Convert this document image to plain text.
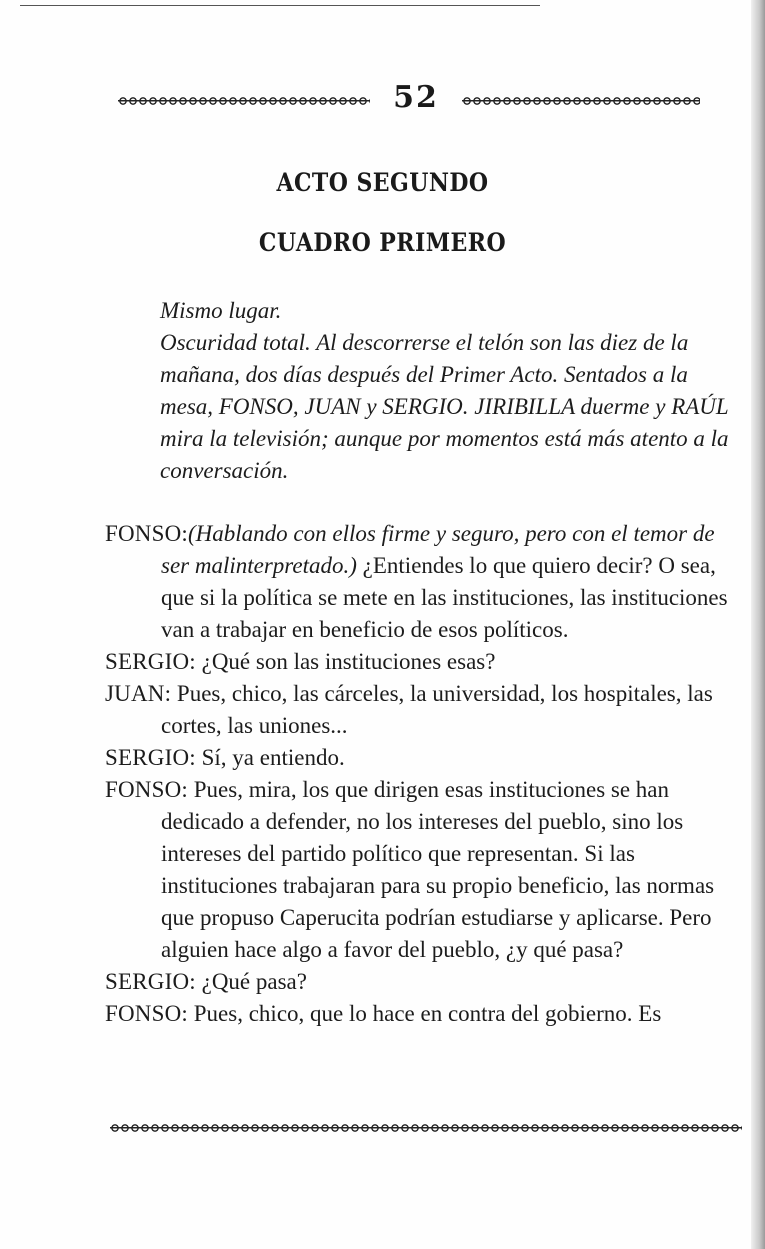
52
ACTO SEGUNDO
CUADRO PRIMERO

Mismo lugar.

Oscuridad total. Al descorrerse el telón son las diez de la mañana, dos días después del Primer Acto. Sentados a la mesa, FONSO, JUAN y SERGIO. JIRIBILLA duerme y RAÚL mira la televisión; aunque por momentos está más atento a la conversación.

FONSO:(Hablando con ellos firme y seguro, pero con el temor de ser malinterpretado.) ¿Entiendes lo que quiero decir? O sea, que si la política se mete en las instituciones, las instituciones van a trabajar en beneficio de esos políticos.

SERGIO: ¿Qué son las instituciones esas?

JUAN: Pues, chico, las cárceles, la universidad, los hospitales, las cortes, las uniones...

SERGIO: Sí, ya entiendo.

FONSO: Pues, mira, los que dirigen esas instituciones se han dedicado a defender, no los intereses del pueblo, sino los intereses del partido político que representan. Si las instituciones trabajaran para su propio beneficio, las normas que propuso Caperucita podrían estudiarse y aplicarse. Pero alguien hace algo a favor del pueblo, ¿y qué pasa?

SERGIO: ¿Qué pasa?

FONSO: Pues, chico, que lo hace en contra del gobierno. Es
